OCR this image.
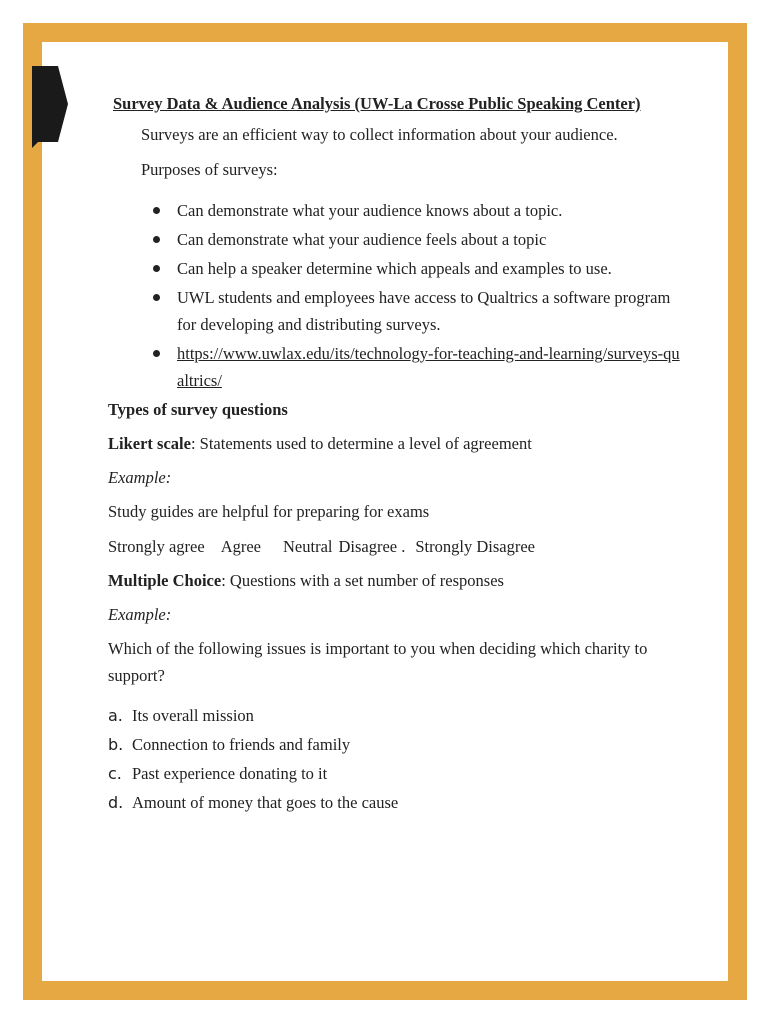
Survey Data & Audience Analysis (UW-La Crosse Public Speaking Center)
Surveys are an efficient way to collect information about your audience.
Purposes of surveys:
Can demonstrate what your audience knows about a topic.
Can demonstrate what your audience feels about a topic
Can help a speaker determine which appeals and examples to use.
UWL students and employees have access to Qualtrics a software program for developing and distributing surveys.
https://www.uwlax.edu/its/technology-for-teaching-and-learning/surveys-qualtrics/
Types of survey questions
Likert scale: Statements used to determine a level of agreement
Example:
Study guides are helpful for preparing for exams
Strongly agree Agree Neutral Disagree . Strongly Disagree
Multiple Choice: Questions with a set number of responses
Example:
Which of the following issues is important to you when deciding which charity to support?
a. Its overall mission
b. Connection to friends and family
c. Past experience donating to it
d. Amount of money that goes to the cause
